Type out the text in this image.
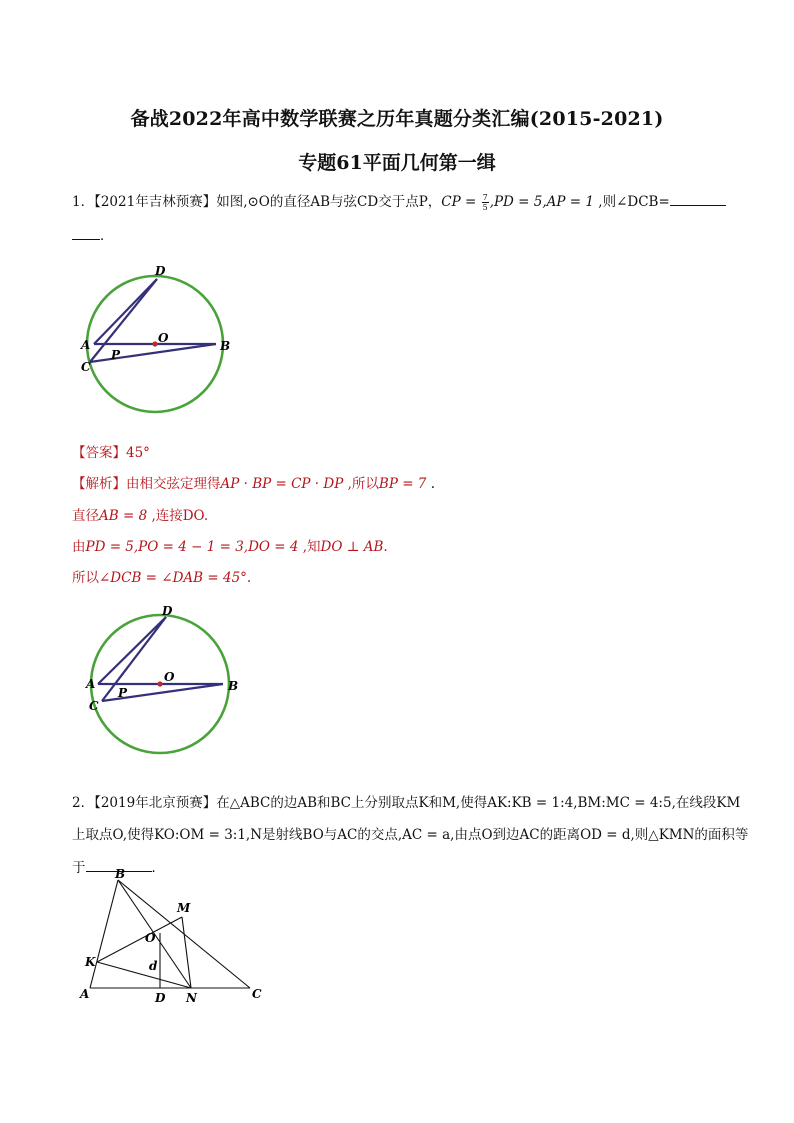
备战2022年高中数学联赛之历年真题分类汇编(2015-2021)
专题61平面几何第一缉
1．【2021年吉林预赛】如图,⊙O的直径AB与弦CD交于点P，CP = $\frac{7}{5} ,PD = 5,AP = 1$ ,则∠DCB=
．
D
O
A
P
B
C
【答案】45°
【解析】由相交弦定理得AP · BP = CP · DP ,所以BP = 7 .
直径AB = 8 ,连接DO.
由PD = 5,PO = 4 − 1 = 3,DO = 4 ,知DO ⊥ AB.
所以∠DCB = ∠DAB = 45°.
D
O
A
P	B
C
2．【2019年北京预赛】在△ABC的边AB和BC上分别取点K和M,使得AK:KB = 1:4,BM:MC = 4:5,在线段KM
上取点O,使得KO:OM = 3:1,N是射线BO与AC的交点,AC = a,由点O到边AC的距离OD = d,则△KMN的面积等
于	．
B
M
O
K	d
A	D N	C
